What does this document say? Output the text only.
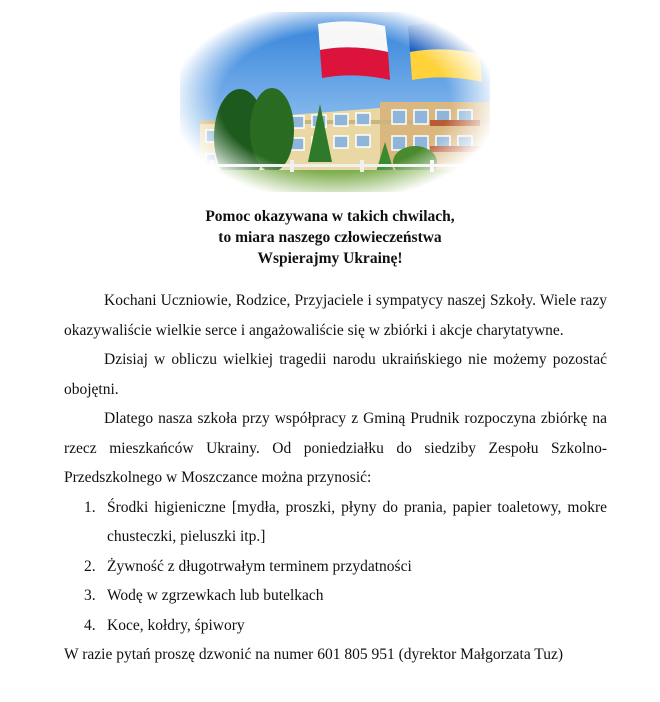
Pomoc okazywana w takich chwilach,
to miara naszego człowieczeństwa
Wspierajmy Ukrainę!

Kochani Uczniowie, Rodzice, Przyjaciele i sympatycy naszej Szkoły. Wiele razy okazywaliście wielkie serce i angażowaliście się w zbiórki i akcje charytatywne.

Dzisiaj w obliczu wielkiej tragedii narodu ukraińskiego nie możemy pozostać obojętni.

Dlatego nasza szkoła przy współpracy z Gminą Prudnik rozpoczyna zbiórkę na rzecz mieszkańców Ukrainy. Od poniedziałku do siedziby Zespołu Szkolno-Przedszkolnego w Moszczance można przynosić:

1. Środki higieniczne [mydła, proszki, płyny do prania, papier toaletowy, mokre chusteczki, pieluszki itp.]
2. Żywność z długotrwałym terminem przydatności
3. Wodę w zgrzewkach lub butelkach
4. Koce, kołdry, śpiwory

W razie pytań proszę dzwonić na numer 601 805 951 (dyrektor Małgorzata Tuz)
